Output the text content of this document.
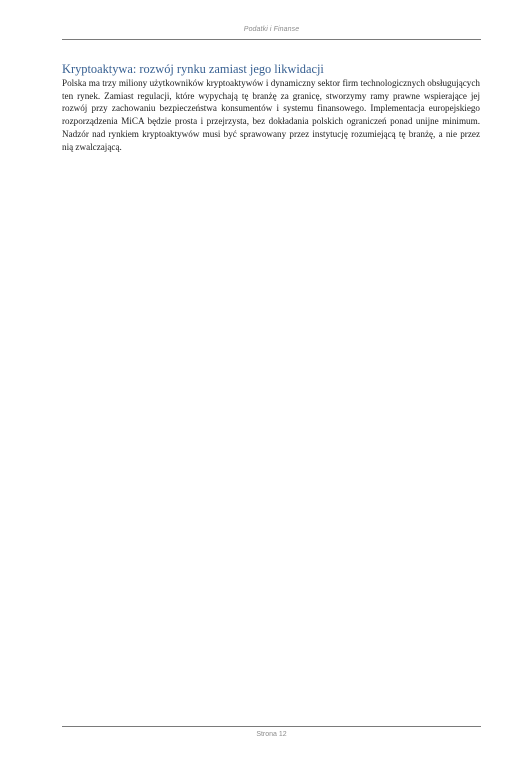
Podatki i Finanse
Kryptoaktywa: rozwój rynku zamiast jego likwidacji

Polska ma trzy miliony użytkowników kryptoaktywów i dynamiczny sektor firm technologicznych obsługujących ten rynek. Zamiast regulacji, które wypychają tę branżę za granicę, stworzymy ramy prawne wspierające jej rozwój przy zachowaniu bezpieczeństwa konsumentów i systemu finansowego. Implementacja europejskiego rozporządzenia MiCA będzie prosta i przejrzysta, bez dokładania polskich ograniczeń ponad unijne minimum. Nadzór nad rynkiem kryptoaktywów musi być sprawowany przez instytucję rozumiejącą tę branżę, a nie przez nią zwalczającą.

Strona 12
